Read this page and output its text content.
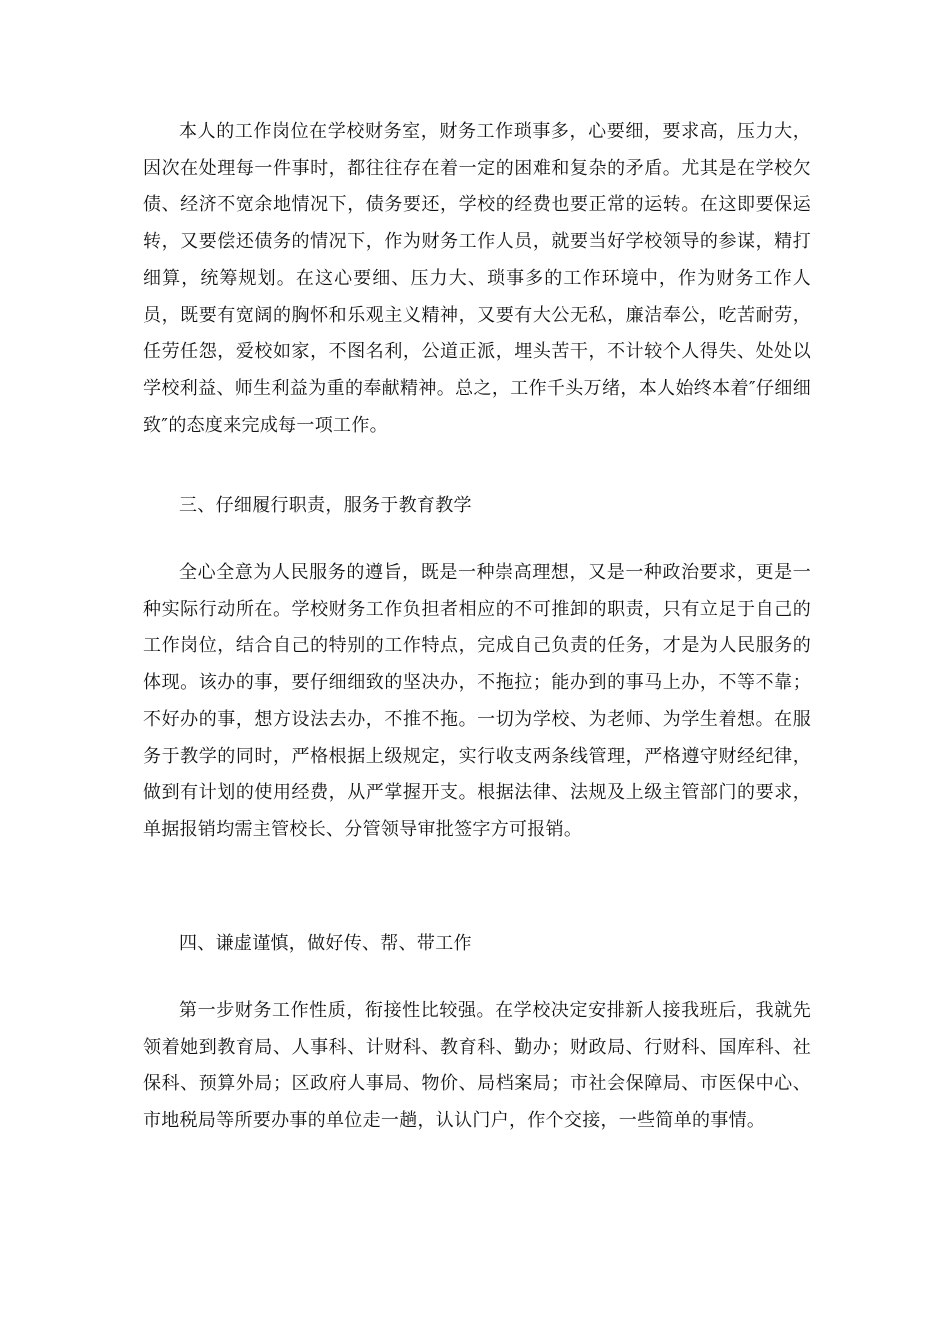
本人的工作岗位在学校财务室，财务工作琐事多，心要细，要求高，压力大，因次在处理每一件事时，都往往存在着一定的困难和复杂的矛盾。尤其是在学校欠债、经济不宽余地情况下，债务要还，学校的经费也要正常的运转。在这即要保运转，又要偿还债务的情况下，作为财务工作人员，就要当好学校领导的参谋，精打细算，统筹规划。在这心要细、压力大、琐事多的工作环境中，作为财务工作人员，既要有宽阔的胸怀和乐观主义精神，又要有大公无私，廉洁奉公，吃苦耐劳，任劳任怨，爱校如家，不图名利，公道正派，埋头苦干，不计较个人得失、处处以学校利益、师生利益为重的奉献精神。总之，工作千头万绪，本人始终本着″仔细细致″的态度来完成每一项工作。

三、仔细履行职责，服务于教育教学

全心全意为人民服务的遵旨，既是一种崇高理想，又是一种政治要求，更是一种实际行动所在。学校财务工作负担者相应的不可推卸的职责，只有立足于自己的工作岗位，结合自己的特别的工作特点，完成自己负责的任务，才是为人民服务的体现。该办的事，要仔细细致的坚决办，不拖拉；能办到的事马上办，不等不靠；不好办的事，想方设法去办，不推不拖。一切为学校、为老师、为学生着想。在服务于教学的同时，严格根据上级规定，实行收支两条线管理，严格遵守财经纪律，做到有计划的使用经费，从严掌握开支。根据法律、法规及上级主管部门的要求，单据报销均需主管校长、分管领导审批签字方可报销。

四、谦虚谨慎，做好传、帮、带工作

第一步财务工作性质，衔接性比较强。在学校决定安排新人接我班后，我就先领着她到教育局、人事科、计财科、教育科、勤办；财政局、行财科、国库科、社保科、预算外局；区政府人事局、物价、局档案局；市社会保障局、市医保中心、市地税局等所要办事的单位走一趟，认认门户，作个交接，一些简单的事情。
